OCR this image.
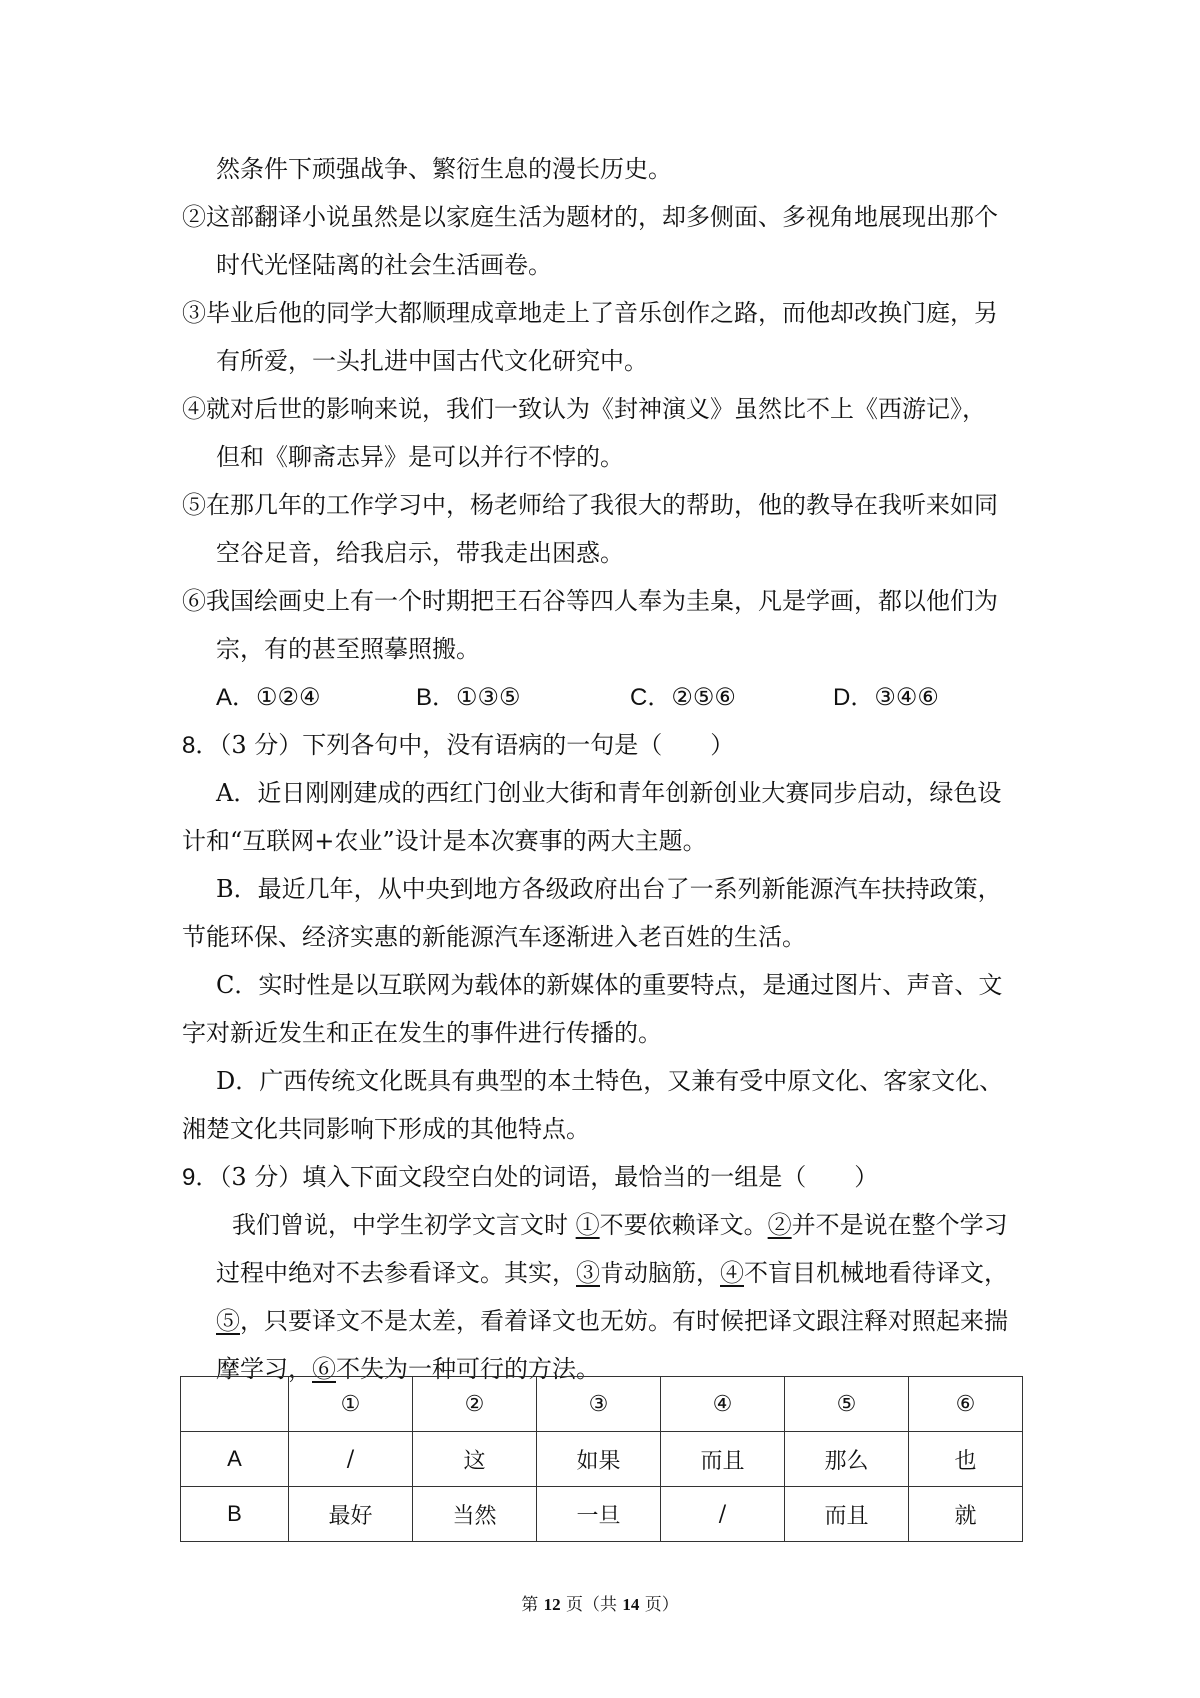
然条件下顽强战争、繁衍生息的漫长历史。
②这部翻译小说虽然是以家庭生活为题材的，却多侧面、多视角地展现出那个
时代光怪陆离的社会生活画卷。
③毕业后他的同学大都顺理成章地走上了音乐创作之路，而他却改换门庭，另
有所爱，一头扎进中国古代文化研究中。
④就对后世的影响来说，我们一致认为《封神演义》虽然比不上《西游记》，
但和《聊斋志异》是可以并行不悖的。
⑤在那几年的工作学习中，杨老师给了我很大的帮助，他的教导在我听来如同
空谷足音，给我启示，带我走出困惑。
⑥我国绘画史上有一个时期把王石谷等四人奉为圭臬，凡是学画，都以他们为
宗，有的甚至照摹照搬。
A．①②④	B．①③⑤	C．②⑤⑥	D．③④⑥
8．（3 分）下列各句中，没有语病的一句是（　　）
A．近日刚刚建成的西红门创业大街和青年创新创业大赛同步启动，绿色设
计和“互联网+农业”设计是本次赛事的两大主题。
B．最近几年，从中央到地方各级政府出台了一系列新能源汽车扶持政策，
节能环保、经济实惠的新能源汽车逐渐进入老百姓的生活。
C．实时性是以互联网为载体的新媒体的重要特点，是通过图片、声音、文
字对新近发生和正在发生的事件进行传播的。
D．广西传统文化既具有典型的本土特色，又兼有受中原文化、客家文化、
湘楚文化共同影响下形成的其他特点。
9．（3 分）填入下面文段空白处的词语，最恰当的一组是（　　）
我们曾说，中学生初学文言文时 ①不要依赖译文。②并不是说在整个学习
过程中绝对不去参看译文。其实，③肯动脑筋，④不盲目机械地看待译文，
⑤，只要译文不是太差，看着译文也无妨。有时候把译文跟注释对照起来揣
摩学习，⑥不失为一种可行的方法。
	①	②	③	④	⑤	⑥
A	/	这	如果	而且	那么	也
B	最好	当然	一旦	/	而且	就
第 12 页（共 14 页）
